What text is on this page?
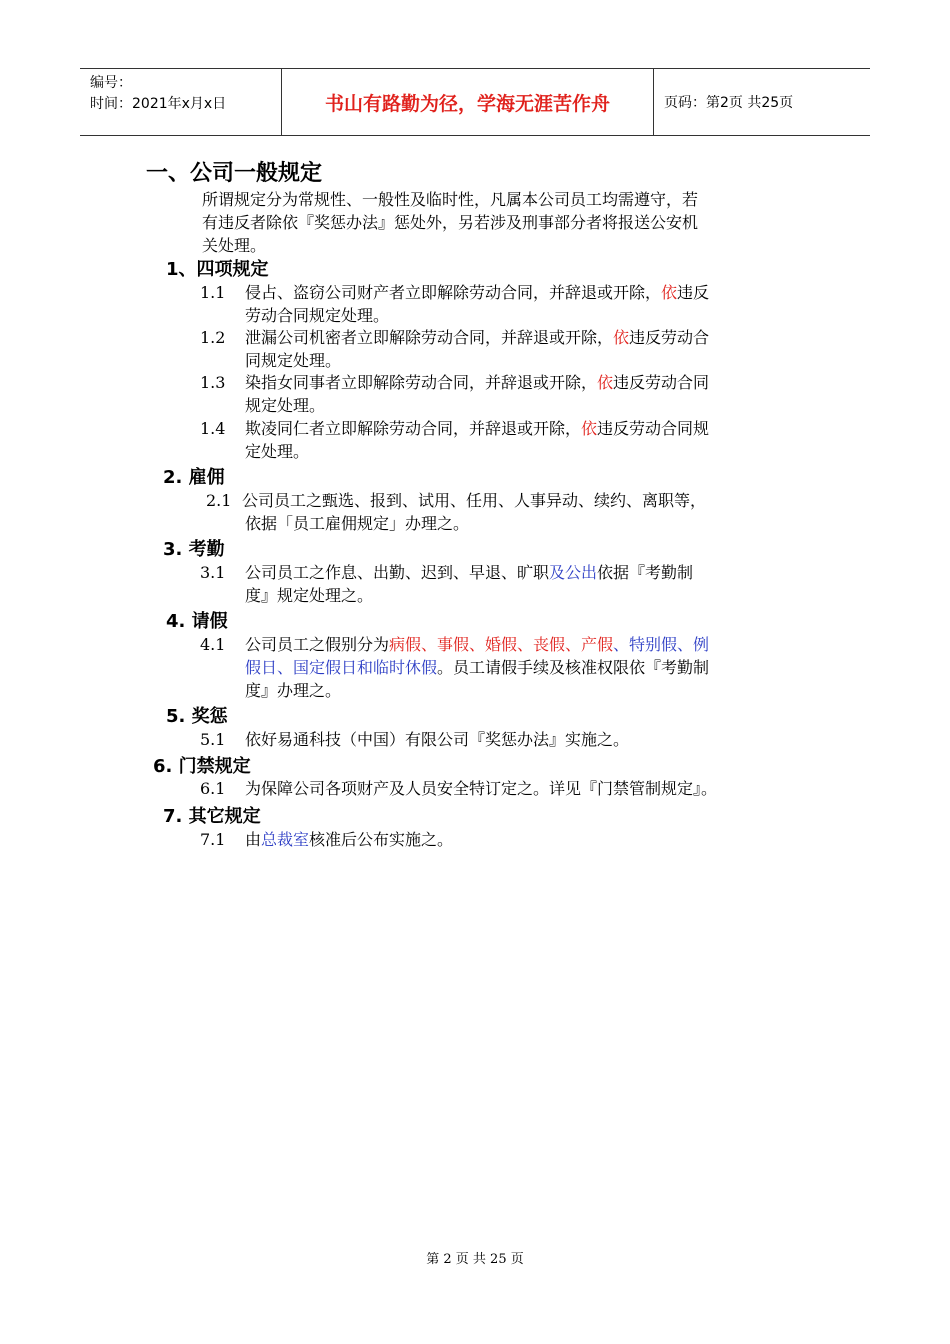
编号：
时间：2021年x月x日	书山有路勤为径，学海无涯苦作舟	页码：第2页 共25页
一、公司一般规定
所谓规定分为常规性、一般性及临时性，凡属本公司员工均需遵守，若
有违反者除依『奖惩办法』惩处外，另若涉及刑事部分者将报送公安机
关处理。
1、四项规定
1.1 侵占、盗窃公司财产者立即解除劳动合同，并辞退或开除，依违反
劳动合同规定处理。
1.2 泄漏公司机密者立即解除劳动合同，并辞退或开除，依违反劳动合
同规定处理。
1.3 染指女同事者立即解除劳动合同，并辞退或开除，依违反劳动合同
规定处理。
1.4 欺凌同仁者立即解除劳动合同，并辞退或开除，依违反劳动合同规
定处理。
2. 雇佣
2.1 公司员工之甄选、报到、试用、任用、人事异动、续约、离职等，
依据「员工雇佣规定」办理之。
3. 考勤
3.1 公司员工之作息、出勤、迟到、早退、旷职及公出依据『考勤制
度』规定处理之。
4. 请假
4.1 公司员工之假别分为病假、事假、婚假、丧假、产假、特别假、例
假日、国定假日和临时休假。员工请假手续及核准权限依『考勤制
度』办理之。
5. 奖惩
5.1 依好易通科技（中国）有限公司『奖惩办法』实施之。
6. 门禁规定
6.1 为保障公司各项财产及人员安全特订定之。详见『门禁管制规定』。
7. 其它规定
7.1 由总裁室核准后公布实施之。
第 2 页 共 25 页
